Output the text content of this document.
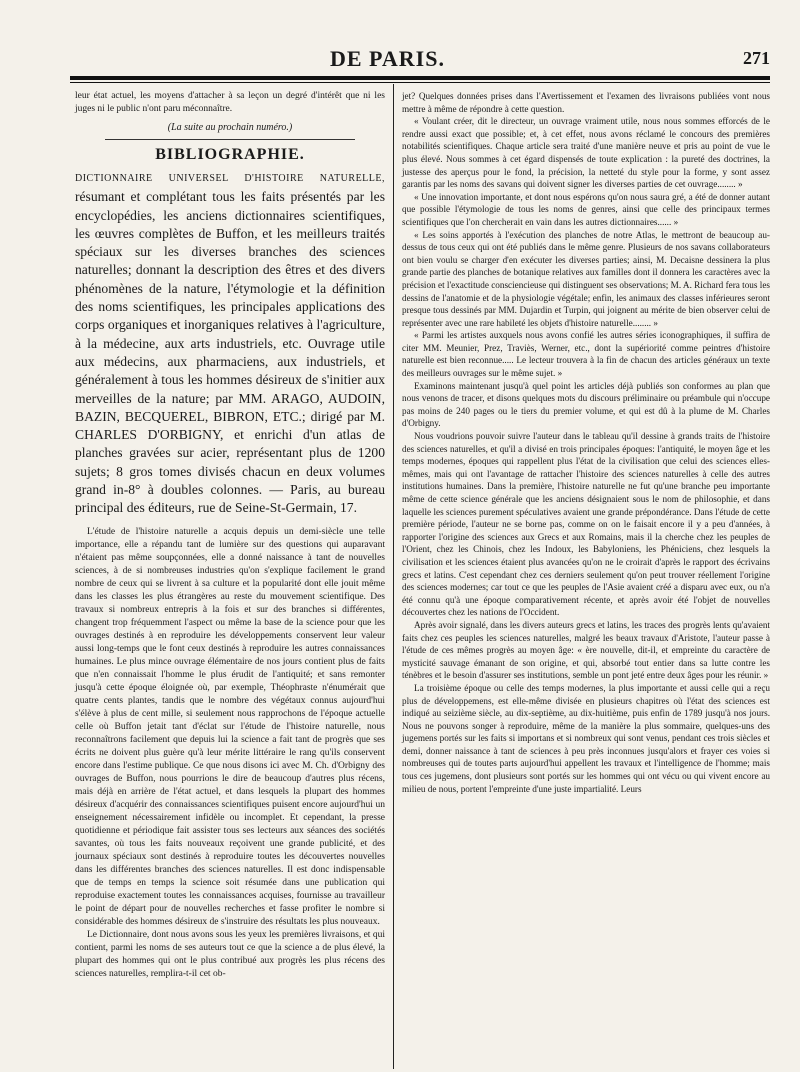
DE PARIS.	271

leur état actuel, les moyens d'attacher à sa leçon un degré d'intérêt que ni les juges ni le public n'ont paru méconnaître.

(La suite au prochain numéro.)

BIBLIOGRAPHIE.

DICTIONNAIRE UNIVERSEL D'HISTOIRE NATURELLE, résumant et complétant tous les faits présentés par les encyclopédies, les anciens dictionnaires scientifiques, les œuvres complètes de Buffon, et les meilleurs traités spéciaux sur les diverses branches des sciences naturelles; donnant la description des êtres et des divers phénomènes de la nature, l'étymologie et la définition des noms scientifiques, les principales applications des corps organiques et inorganiques relatives à l'agriculture, à la médecine, aux arts industriels, etc. Ouvrage utile aux médecins, aux pharmaciens, aux industriels, et généralement à tous les hommes désireux de s'initier aux merveilles de la nature; par MM. ARAGO, AUDOIN, BAZIN, BECQUEREL, BIBRON, ETC.; dirigé par M. CHARLES D'ORBIGNY, et enrichi d'un atlas de planches gravées sur acier, représentant plus de 1200 sujets; 8 gros tomes divisés chacun en deux volumes grand in-8° à doubles colonnes. — Paris, au bureau principal des éditeurs, rue de Seine-St-Germain, 17.

L'étude de l'histoire naturelle a acquis depuis un demi-siècle une telle importance, elle a répandu tant de lumière sur des questions qui auparavant n'étaient pas même soupçonnées, elle a donné naissance à tant de nouvelles sciences, à de si nombreuses industries qu'on s'explique facilement le grand nombre de ceux qui se livrent à sa culture et la popularité dont elle jouit même dans les classes les plus étrangères au reste du mouvement scientifique. Des travaux si nombreux entrepris à la fois et sur des branches si différentes, changent trop fréquemment l'aspect ou même la base de la science pour que les ouvrages destinés à en reproduire les développements conservent leur valeur aussi long-temps que le font ceux destinés à reproduire les autres connaissances humaines. Le plus mince ouvrage élémentaire de nos jours contient plus de faits que n'en connaissait l'homme le plus érudit de l'antiquité; et sans remonter jusqu'à cette époque éloignée où, par exemple, Théophraste n'énumérait que quatre cents plantes, tandis que le nombre des végétaux connus aujourd'hui s'élève à plus de cent mille, si seulement nous rapprochons de l'époque actuelle celle où Buffon jetait tant d'éclat sur l'étude de l'histoire naturelle, nous reconnaîtrons facilement que depuis lui la science a fait tant de progrès que ses écrits ne doivent plus guère qu'à leur mérite littéraire le rang qu'ils conservent encore dans l'estime publique. Ce que nous disons ici avec M. Ch. d'Orbigny des ouvrages de Buffon, nous pourrions le dire de beaucoup d'autres plus récens, mais déjà en arrière de l'état actuel, et dans lesquels la plupart des hommes désireux d'acquérir des connaissances scientifiques puisent encore aujourd'hui un enseignement nécessairement infidèle ou incomplet. Et cependant, la presse quotidienne et périodique fait assister tous ses lecteurs aux séances des sociétés savantes, où tous les faits nouveaux reçoivent une grande publicité, et des journaux spéciaux sont destinés à reproduire toutes les découvertes nouvelles dans les différentes branches des sciences naturelles. Il est donc indispensable que de temps en temps la science soit résumée dans une publication qui reproduise exactement toutes les connaissances acquises, fournisse au travailleur le point de départ pour de nouvelles recherches et fasse profiter le nombre si considérable des hommes désireux de s'instruire des résultats les plus nouveaux.

Le Dictionnaire, dont nous avons sous les yeux les premières livraisons, et qui contient, parmi les noms de ses auteurs tout ce que la science a de plus élevé, la plupart des hommes qui ont le plus contribué aux progrès les plus récens des sciences naturelles, remplira-t-il cet ob-

jet? Quelques données prises dans l'Avertissement et l'examen des livraisons publiées vont nous mettre à même de répondre à cette question.

« Voulant créer, dit le directeur, un ouvrage vraiment utile, nous nous sommes efforcés de le rendre aussi exact que possible; et, à cet effet, nous avons réclamé le concours des premières notabilités scientifiques. Chaque article sera traité d'une manière neuve et pris au point de vue le plus élevé. Nous sommes à cet égard dispensés de toute explication : la pureté des doctrines, la justesse des aperçus pour le fond, la précision, la netteté du style pour la forme, y sont assez garantis par les noms des savans qui doivent signer les diverses parties de cet ouvrage........ »

« Une innovation importante, et dont nous espérons qu'on nous saura gré, a été de donner autant que possible l'étymologie de tous les noms de genres, ainsi que celle des principaux termes scientifiques que l'on chercherait en vain dans les autres dictionnaires...... »

« Les soins apportés à l'exécution des planches de notre Atlas, le mettront de beaucoup au-dessus de tous ceux qui ont été publiés dans le même genre. Plusieurs de nos savans collaborateurs ont bien voulu se charger d'en exécuter les diverses parties; ainsi, M. Decaisne dessinera la plus grande partie des planches de botanique relatives aux familles dont il donnera les caractères avec la précision et l'exactitude consciencieuse qui distinguent ses observations; M. A. Richard fera tous les dessins de l'anatomie et de la physiologie végétale; enfin, les animaux des classes inférieures seront presque tous dessinés par MM. Dujardin et Turpin, qui joignent au mérite de bien observer celui de représenter avec une rare habileté les objets d'histoire naturelle........ »

« Parmi les artistes auxquels nous avons confié les autres séries iconographiques, il suffira de citer MM. Meunier, Prez, Traviès, Werner, etc., dont la supériorité comme peintres d'histoire naturelle est bien reconnue..... Le lecteur trouvera à la fin de chacun des articles généraux un texte des meilleurs ouvrages sur le même sujet. »

Examinons maintenant jusqu'à quel point les articles déjà publiés son conformes au plan que nous venons de tracer, et disons quelques mots du discours préliminaire ou préambule qui n'occupe pas moins de 240 pages ou le tiers du premier volume, et qui est dû à la plume de M. Charles d'Orbigny.

Nous voudrions pouvoir suivre l'auteur dans le tableau qu'il dessine à grands traits de l'histoire des sciences naturelles, et qu'il a divisé en trois principales époques: l'antiquité, le moyen âge et les temps modernes, époques qui rappellent plus l'état de la civilisation que celui des sciences elles-mêmes, mais qui ont l'avantage de rattacher l'histoire des sciences naturelles à celle des autres institutions humaines. Dans la première, l'histoire naturelle ne fut qu'une branche peu importante même de cette science générale que les anciens désignaient sous le nom de philosophie, et dans laquelle les sciences purement spéculatives avaient une grande prépondérance. Dans l'étude de cette première période, l'auteur ne se borne pas, comme on on le faisait encore il y a peu d'années, à rapporter l'origine des sciences aux Grecs et aux Romains, mais il la cherche chez les peuples de l'Orient, chez les Chinois, chez les Indoux, les Babyloniens, les Phéniciens, chez lesquels la civilisation et les sciences étaient plus avancées qu'on ne le croirait d'après le rapport des écrivains grecs et latins. C'est cependant chez ces derniers seulement qu'on peut trouver réellement l'origine des sciences modernes; car tout ce que les peuples de l'Asie avaient créé a disparu avec eux, ou n'a été connu qu'à une époque comparativement récente, et après avoir été l'objet de nouvelles découvertes chez les nations de l'Occident.

Après avoir signalé, dans les divers auteurs grecs et latins, les traces des progrès lents qu'avaient faits chez ces peuples les sciences naturelles, malgré les beaux travaux d'Aristote, l'auteur passe à l'étude de ces mêmes progrès au moyen âge: « ère nouvelle, dit-il, et empreinte du caractère de mysticité sauvage émanant de son origine, et qui, absorbé tout entier dans sa lutte contre les ténèbres et le besoin d'assurer ses institutions, semble un pont jeté entre deux âges pour les réunir. »

La troisième époque ou celle des temps modernes, la plus importante et aussi celle qui a reçu plus de développemens, est elle-même divisée en plusieurs chapitres où l'état des sciences est indiqué au seizième siècle, au dix-septième, au dix-huitième, puis enfin de 1789 jusqu'à nos jours. Nous ne pouvons songer à reproduire, même de la manière la plus sommaire, quelques-uns des jugemens portés sur les faits si importans et si nombreux qui sont venus, pendant ces trois siècles et demi, donner naissance à tant de sciences à peu près inconnues jusqu'alors et frayer ces voies si nombreuses qui de toutes parts aujourd'hui appellent les travaux et l'intelligence de l'homme; mais tous ces jugemens, dont plusieurs sont portés sur les hommes qui ont vécu ou qui vivent encore au milieu de nous, portent l'empreinte d'une juste impartialité. Leurs
